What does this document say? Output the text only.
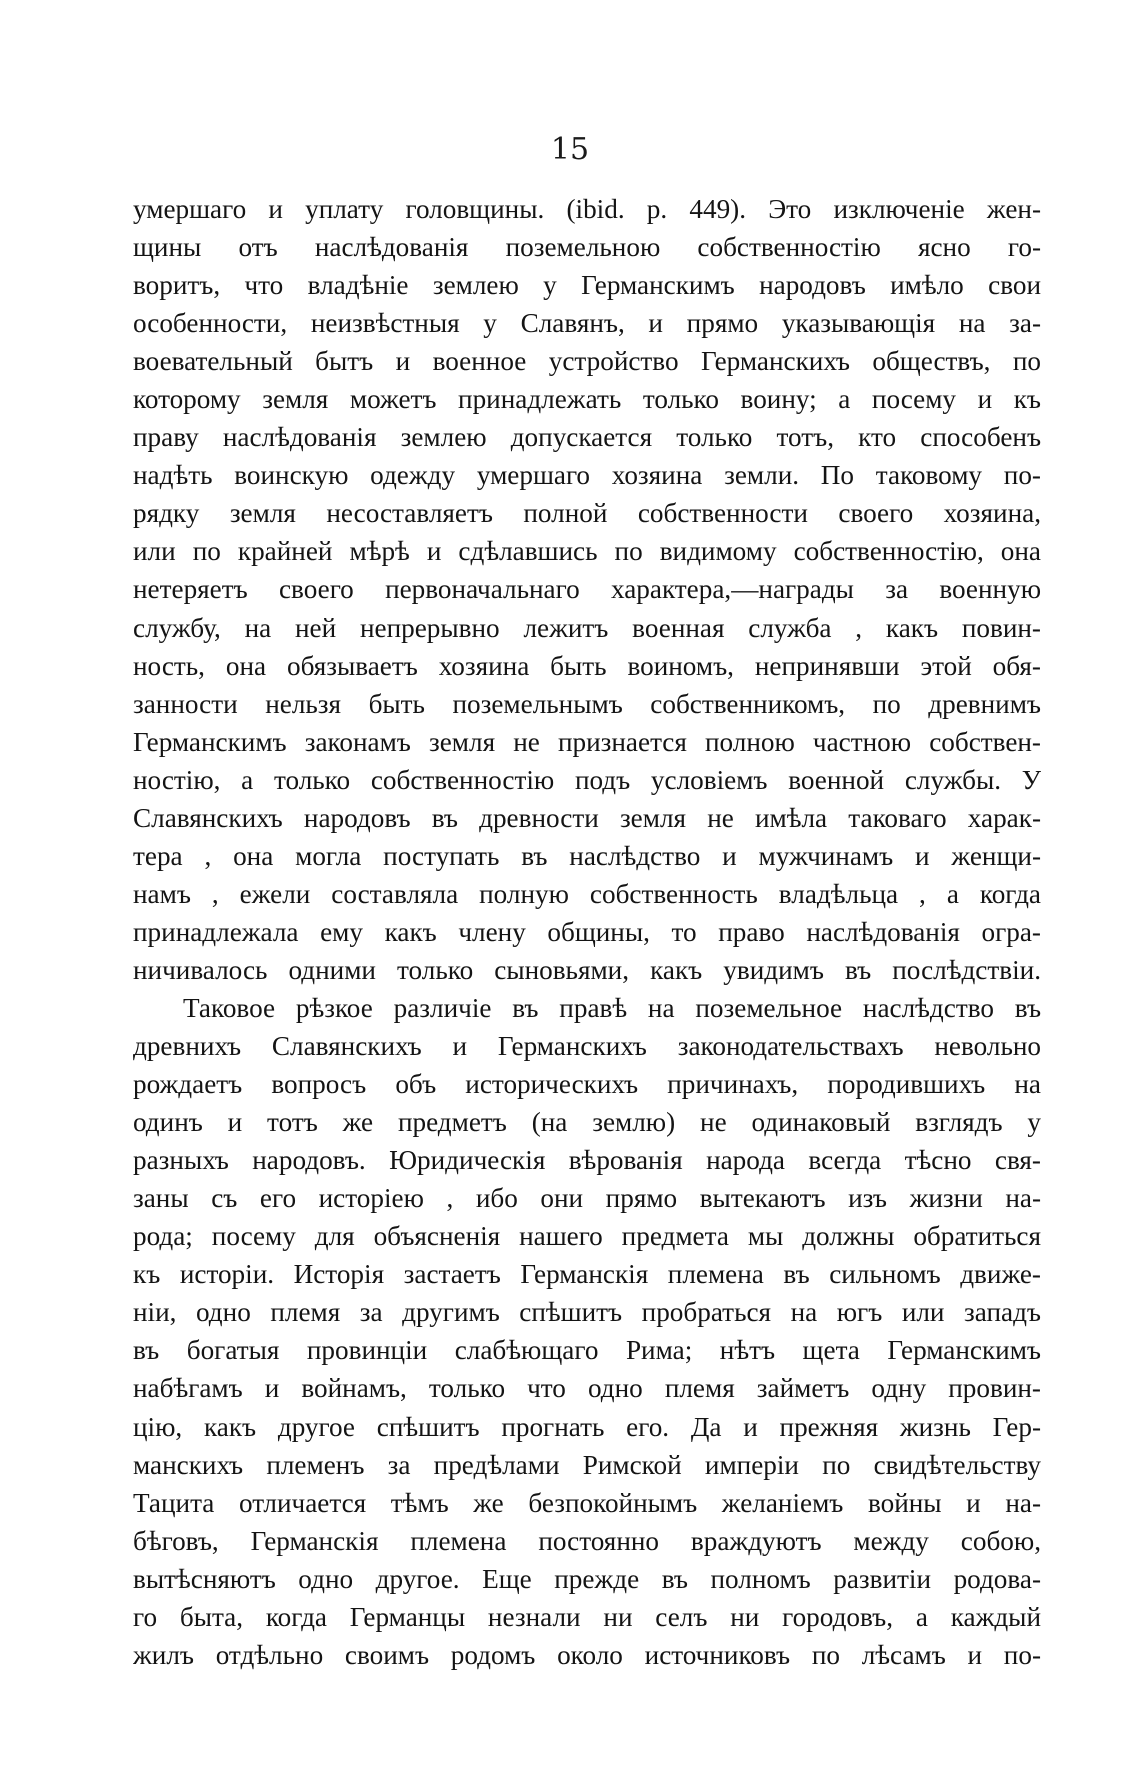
15
умершаго и уплату головщины. (ibid. p. 449). Это изключенie жен-
щины отъ наслѣдованiя поземельною собственностiю ясно го-
воритъ, что владѣнiе землею у Германскимъ народовъ имѣло свои
особенности, неизвѣстныя у Славянъ, и прямо указывающiя на за-
воевательный бытъ и военное устройство Германскихъ обществъ, по
которому земля можетъ принадлежать только воину; а посему и къ
праву наслѣдованiя землею допускается только тотъ, кто способенъ
надѣть воинскую одежду умершаго хозяина земли. По таковому по-
рядку земля несоставляетъ полной собственности своего хозяина,
или по крайней мѣрѣ и сдѣлавшись по видимому собственностiю, она
нетеряетъ своего первоначальнаго характера,—награды за военную
службу, на ней непрерывно лежитъ военная служба , какъ повин-
ность, она обязываетъ хозяина быть воиномъ, непринявши этой обя-
занности нельзя быть поземельнымъ собственникомъ, по древнимъ
Германскимъ законамъ земля не признается полною частною собствен-
ностiю, а только собственностiю подъ условiемъ военной службы. У
Славянскихъ народовъ въ древности земля не имѣла таковаго харак-
тера , она могла поступать въ наслѣдство и мужчинамъ и женщи-
намъ , ежели составляла полную собственность владѣльца , а когда
принадлежала ему какъ члену общины, то право наслѣдованiя огра-
ничивалось одними только сыновьями, какъ увидимъ въ послѣдствiи.
Таковое рѣзкое различiе въ правѣ на поземельное наслѣдство въ
древнихъ Славянскихъ и Германскихъ законодательствахъ невольно
рождаетъ вопросъ объ историческихъ причинахъ, породившихъ на
одинъ и тотъ же предметъ (на землю) не одинаковый взглядъ у
разныхъ народовъ. Юридическiя вѣрованiя народа всегда тѣсно свя-
заны съ его исторiею , ибо они прямо вытекаютъ изъ жизни на-
рода; посему для объясненiя нашего предмета мы должны обратиться
къ исторiи. Исторiя застаетъ Германскiя племена въ сильномъ движе-
нiи, одно племя за другимъ спѣшитъ пробраться на югъ или западъ
въ богатыя провинцiи слабѣющаго Рима; нѣтъ щета Германскимъ
набѣгамъ и войнамъ, только что одно племя займетъ одну провин-
цiю, какъ другое спѣшитъ прогнать его. Да и прежняя жизнь Гер-
манскихъ племенъ за предѣлами Римской имперiи по свидѣтельству
Тацита отличается тѣмъ же безпокойнымъ желанiемъ войны и на-
бѣговъ, Германскiя племена постоянно враждуютъ между собою,
вытѣсняютъ одно другое. Еще прежде въ полномъ развитiи родова-
го быта, когда Германцы незнали ни селъ ни городовъ, а каждый
жилъ отдѣльно своимъ родомъ около источниковъ по лѣсамъ и по-
